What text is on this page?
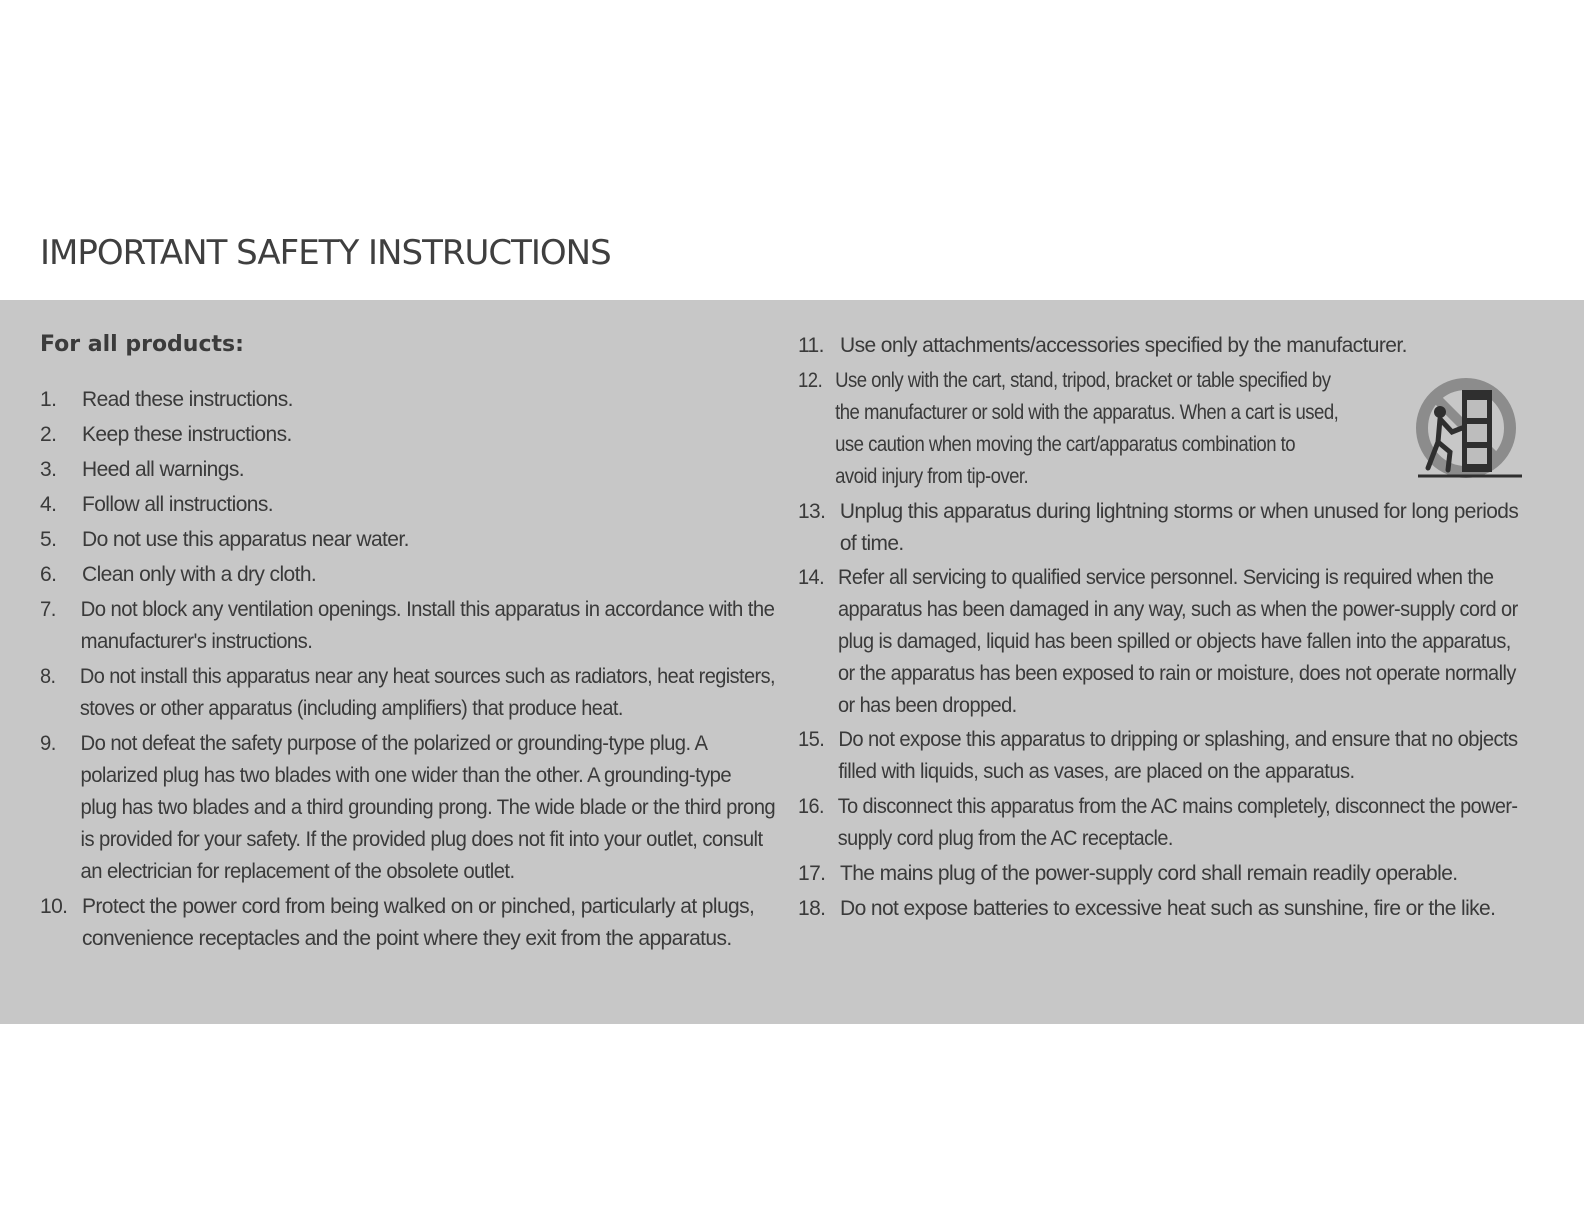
IMPORTANT SAFETY INSTRUCTIONS
For all products:
1. Read these instructions.
2. Keep these instructions.
3. Heed all warnings.
4. Follow all instructions.
5. Do not use this apparatus near water.
6. Clean only with a dry cloth.
7. Do not block any ventilation openings. Install this apparatus in accordance with the
manufacturer's instructions.
8. Do not install this apparatus near any heat sources such as radiators, heat registers,
stoves or other apparatus (including amplifiers) that produce heat.
9. Do not defeat the safety purpose of the polarized or grounding-type plug. A
polarized plug has two blades with one wider than the other. A grounding-type
plug has two blades and a third grounding prong. The wide blade or the third prong
is provided for your safety. If the provided plug does not fit into your outlet, consult
an electrician for replacement of the obsolete outlet.
10. Protect the power cord from being walked on or pinched, particularly at plugs,
convenience receptacles and the point where they exit from the apparatus.
11. Use only attachments/accessories specified by the manufacturer.
12. Use only with the cart, stand, tripod, bracket or table specified by
the manufacturer or sold with the apparatus. When a cart is used,
use caution when moving the cart/apparatus combination to
avoid injury from tip-over.
13. Unplug this apparatus during lightning storms or when unused for long periods
of time.
14. Refer all servicing to qualified service personnel. Servicing is required when the
apparatus has been damaged in any way, such as when the power-supply cord or
plug is damaged, liquid has been spilled or objects have fallen into the apparatus,
or the apparatus has been exposed to rain or moisture, does not operate normally
or has been dropped.
15. Do not expose this apparatus to dripping or splashing, and ensure that no objects
filled with liquids, such as vases, are placed on the apparatus.
16. To disconnect this apparatus from the AC mains completely, disconnect the power-
supply cord plug from the AC receptacle.
17. The mains plug of the power-supply cord shall remain readily operable.
18. Do not expose batteries to excessive heat such as sunshine, fire or the like.
